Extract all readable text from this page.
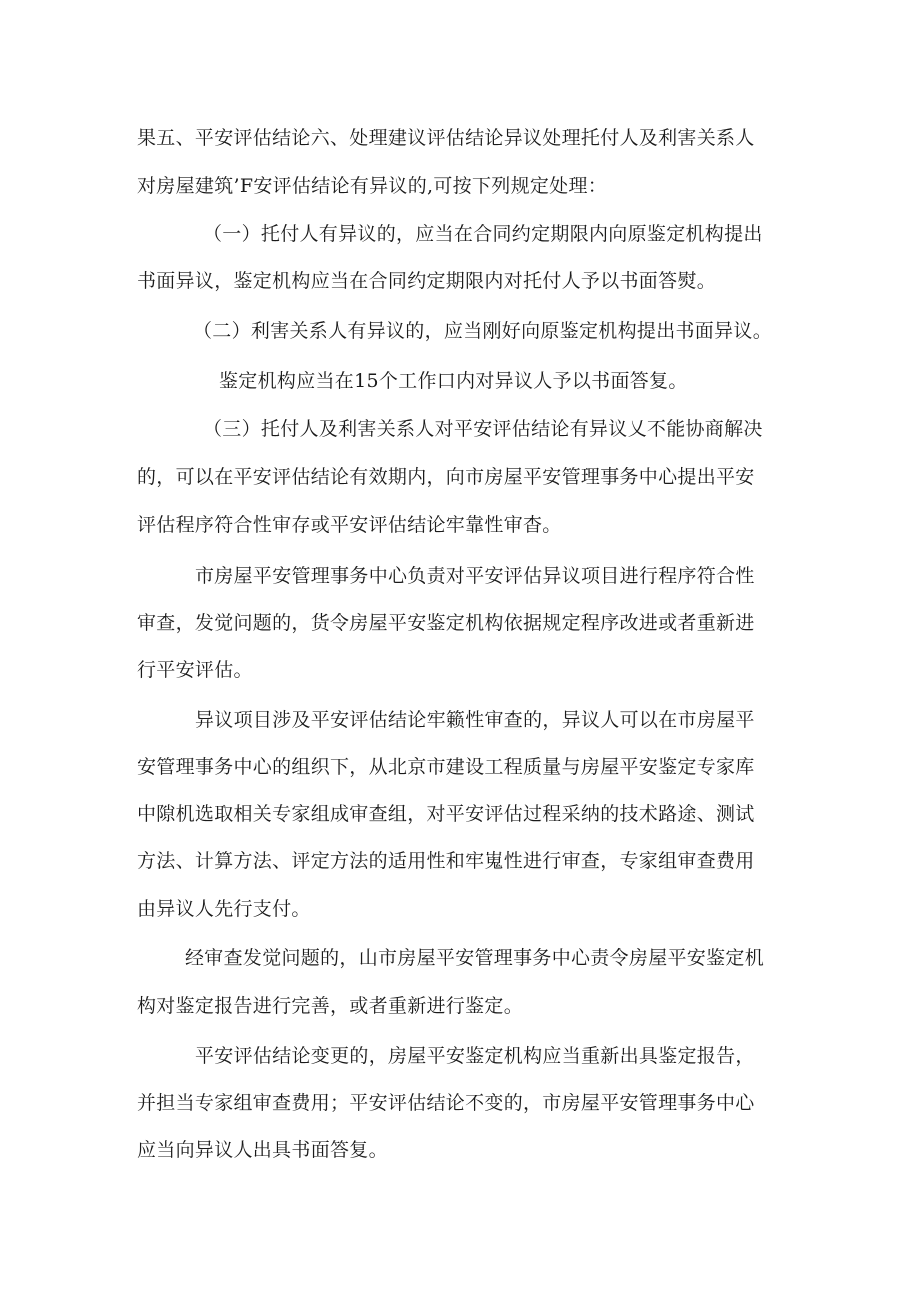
果五、平安评估结论六、处理建议评估结论异议处理托付人及利害关系人
对房屋建筑’F安评估结论有异议的,可按下列规定处理：
（一）托付人有异议的，应当在合同约定期限内向原鉴定机构提出
书面异议，鉴定机构应当在合同约定期限内对托付人予以书面答熨。
（二）利害关系人有异议的，应当刚好向原鉴定机构提出书面异议。
鉴定机构应当在15个工作口内对异议人予以书面答复。
（三）托付人及利害关系人对平安评估结论有异议乂不能协商解决
的，可以在平安评估结论有效期内，向市房屋平安管理事务中心提出平安
评估程序符合性审存或平安评估结论牢靠性审杳。
市房屋平安管理事务中心负责对平安评估异议项目进行程序符合性
审查，发觉问题的，货令房屋平安鉴定机构依据规定程序改进或者重新进
行平安评估。
异议项目涉及平安评估结论牢籁性审查的，异议人可以在市房屋平
安管理事务中心的组织下，从北京市建设工程质量与房屋平安鉴定专家库
中隙机选取相关专家组成审查组，对平安评估过程采纳的技术路途、测试
方法、计算方法、评定方法的适用性和牢嵬性进行审查，专家组审查费用
由异议人先行支付。
经审查发觉问题的，山市房屋平安管理事务中心责令房屋平安鉴定机
构对鉴定报告进行完善，或者重新进行鉴定。
平安评估结论变更的，房屋平安鉴定机构应当重新出具鉴定报告，
并担当专家组审查费用；平安评估结论不变的，市房屋平安管理事务中心
应当向异议人出具书面答复。
